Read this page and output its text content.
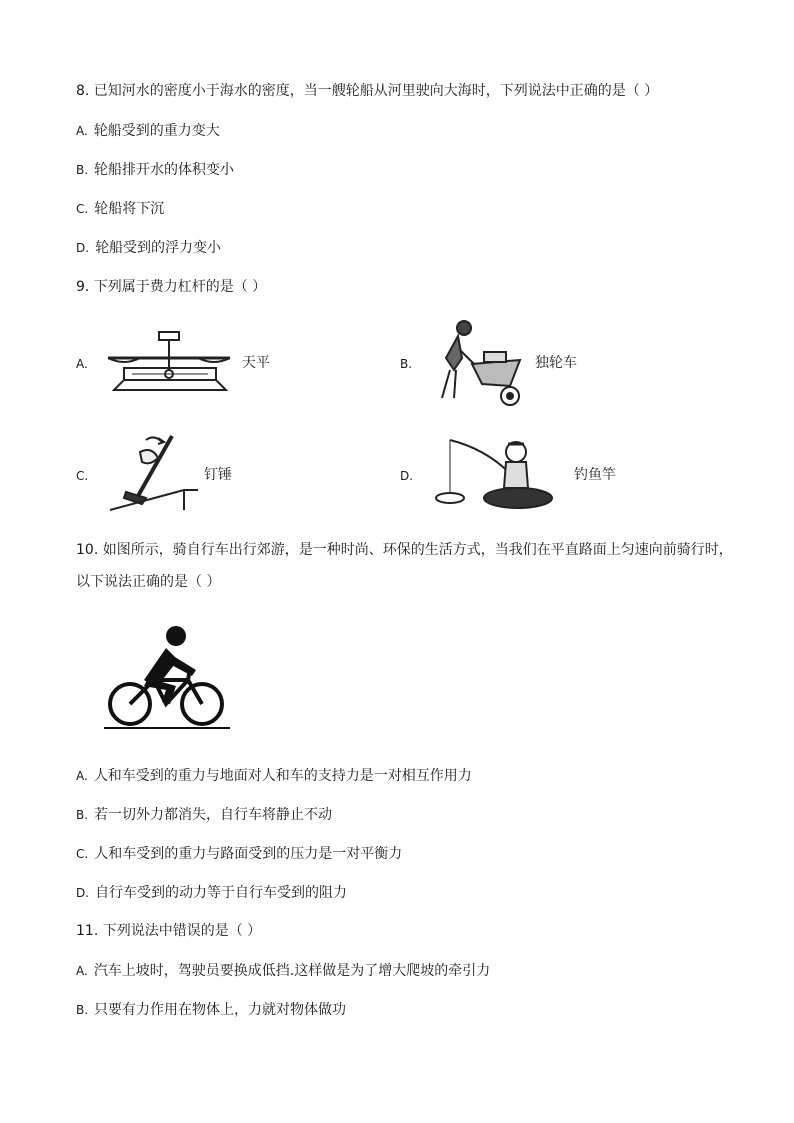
8. 已知河水的密度小于海水的密度，当一艘轮船从河里驶向大海时，下列说法中正确的是（ ）
A. 轮船受到的重力变大
B. 轮船排开水的体积变小
C. 轮船将下沉
D. 轮船受到的浮力变小
9. 下列属于费力杠杆的是（ ）
A.	天平	B.	独轮车
C.	钉锤	D.	钓鱼竿
10. 如图所示，骑自行车出行郊游，是一种时尚、环保的生活方式，当我们在平直路面上匀速向前骑行时，
以下说法正确的是（ ）
A. 人和车受到的重力与地面对人和车的支持力是一对相互作用力
B. 若一切外力都消失，自行车将静止不动
C. 人和车受到的重力与路面受到的压力是一对平衡力
D. 自行车受到的动力等于自行车受到的阻力
11. 下列说法中错误的是（ ）
A. 汽车上坡时，驾驶员要换成低挡.这样做是为了增大爬坡的牵引力
B. 只要有力作用在物体上，力就对物体做功
